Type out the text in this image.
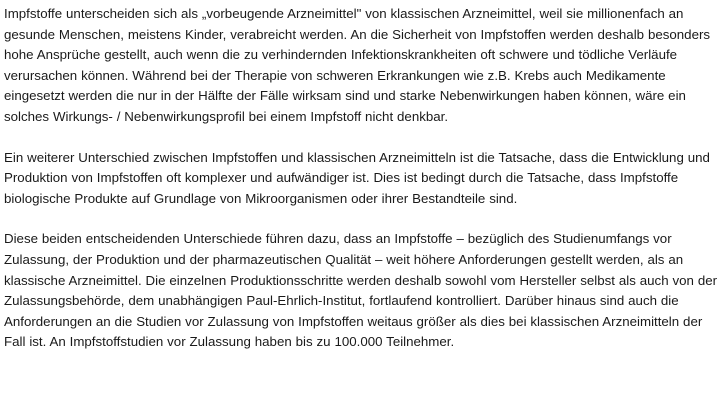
Impfstoffe unterscheiden sich als „vorbeugende Arzneimittel" von klassischen Arzneimittel, weil sie millionenfach an gesunde Menschen, meistens Kinder, verabreicht werden. An die Sicherheit von Impfstoffen werden deshalb besonders hohe Ansprüche gestellt, auch wenn die zu verhindernden Infektionskrankheiten oft schwere und tödliche Verläufe verursachen können. Während bei der Therapie von schweren Erkrankungen wie z.B. Krebs auch Medikamente eingesetzt werden die nur in der Hälfte der Fälle wirksam sind und starke Nebenwirkungen haben können, wäre ein solches Wirkungs- / Nebenwirkungsprofil bei einem Impfstoff nicht denkbar.

Ein weiterer Unterschied zwischen Impfstoffen und klassischen Arzneimitteln ist die Tatsache, dass die Entwicklung und Produktion von Impfstoffen oft komplexer und aufwändiger ist. Dies ist bedingt durch die Tatsache, dass Impfstoffe biologische Produkte auf Grundlage von Mikroorganismen oder ihrer Bestandteile sind.

Diese beiden entscheidenden Unterschiede führen dazu, dass an Impfstoffe – bezüglich des Studienumfangs vor Zulassung, der Produktion und der pharmazeutischen Qualität – weit höhere Anforderungen gestellt werden, als an klassische Arzneimittel. Die einzelnen Produktionsschritte werden deshalb sowohl vom Hersteller selbst als auch von der Zulassungsbehörde, dem unabhängigen Paul-Ehrlich-Institut, fortlaufend kontrolliert. Darüber hinaus sind auch die Anforderungen an die Studien vor Zulassung von Impfstoffen weitaus größer als dies bei klassischen Arzneimitteln der Fall ist. An Impfstoffstudien vor Zulassung haben bis zu 100.000 Teilnehmer.
